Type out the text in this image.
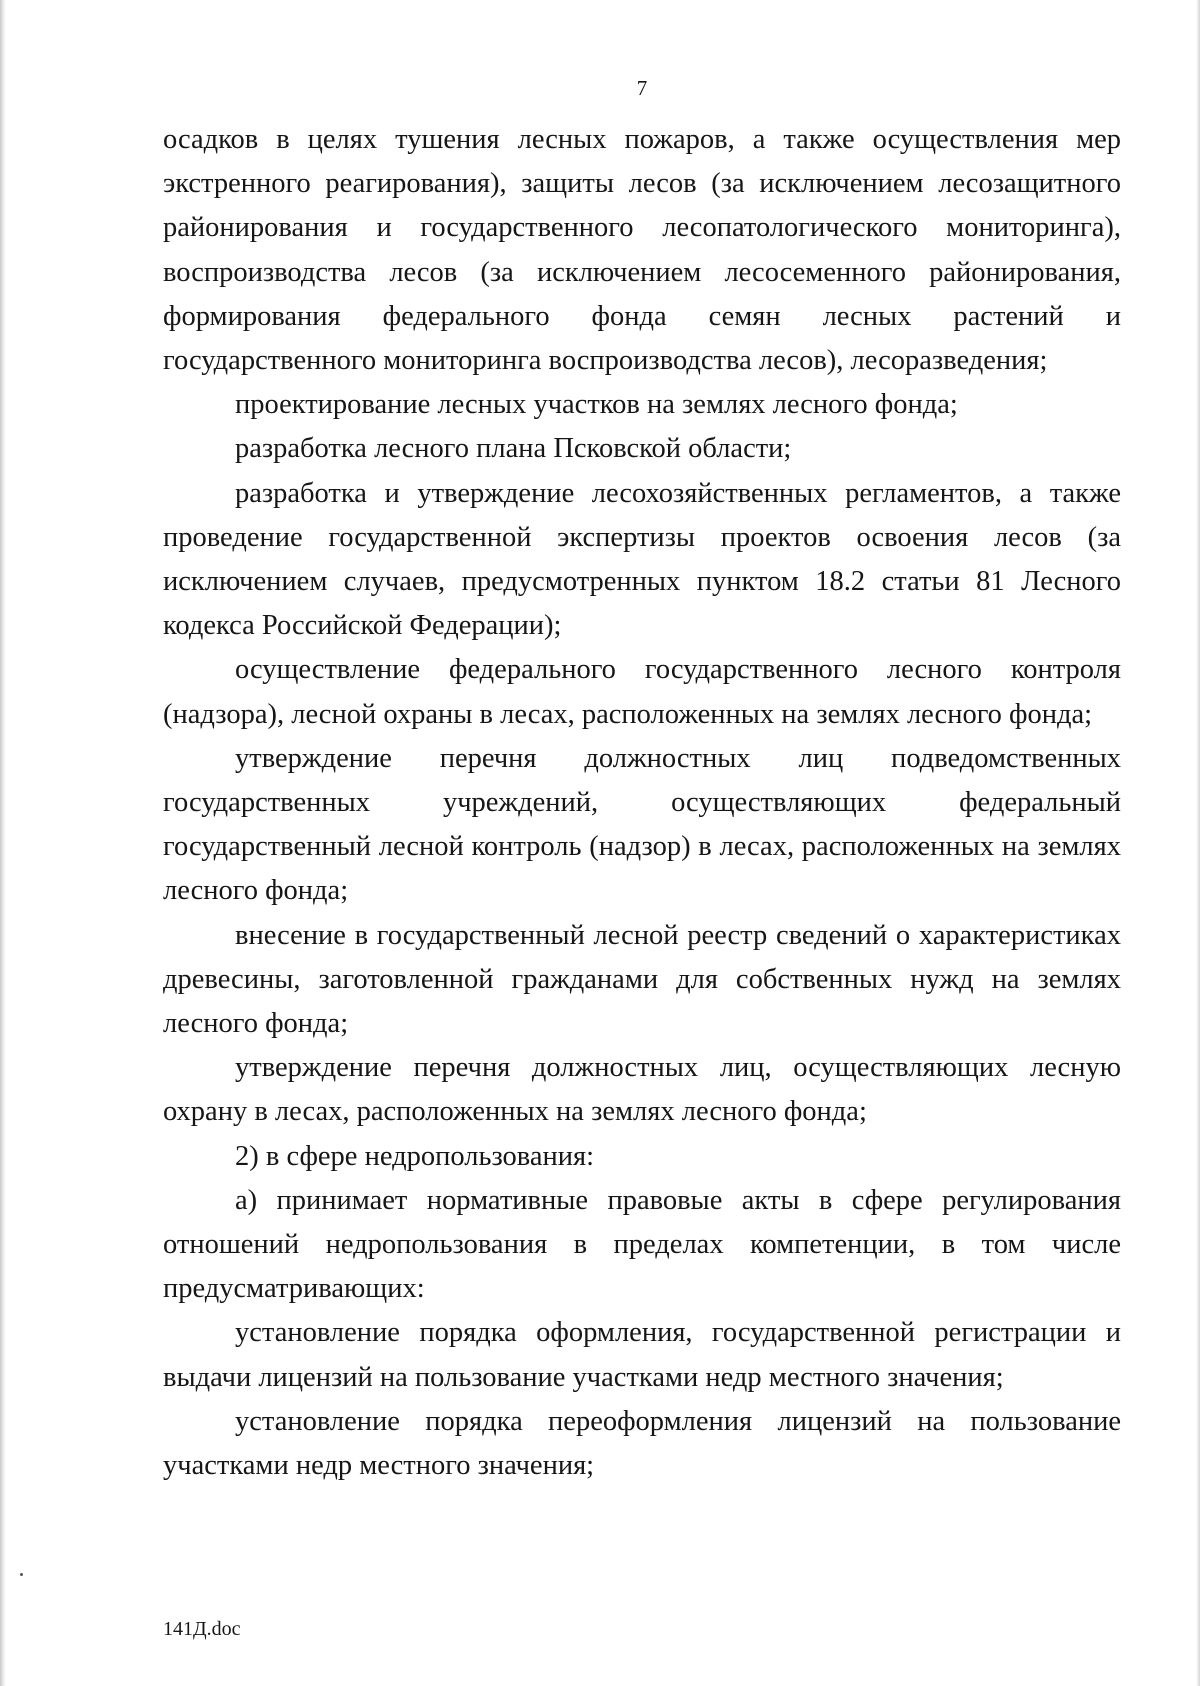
7

осадков в целях тушения лесных пожаров, а также осуществления мер экстренного реагирования), защиты лесов (за исключением лесозащитного районирования и государственного лесопатологического мониторинга), воспроизводства лесов (за исключением лесосеменного районирования, формирования федерального фонда семян лесных растений и государственного мониторинга воспроизводства лесов), лесоразведения;

проектирование лесных участков на землях лесного фонда;

разработка лесного плана Псковской области;

разработка и утверждение лесохозяйственных регламентов, а также проведение государственной экспертизы проектов освоения лесов (за исключением случаев, предусмотренных пунктом 18.2 статьи 81 Лесного кодекса Российской Федерации);

осуществление федерального государственного лесного контроля (надзора), лесной охраны в лесах, расположенных на землях лесного фонда;

утверждение перечня должностных лиц подведомственных государственных учреждений, осуществляющих федеральный государственный лесной контроль (надзор) в лесах, расположенных на землях лесного фонда;

внесение в государственный лесной реестр сведений о характеристиках древесины, заготовленной гражданами для собственных нужд на землях лесного фонда;

утверждение перечня должностных лиц, осуществляющих лесную охрану в лесах, расположенных на землях лесного фонда;

2) в сфере недропользования:

а) принимает нормативные правовые акты в сфере регулирования отношений недропользования в пределах компетенции, в том числе предусматривающих:

установление порядка оформления, государственной регистрации и выдачи лицензий на пользование участками недр местного значения;

установление порядка переоформления лицензий на пользование участками недр местного значения;

141Д.doc
